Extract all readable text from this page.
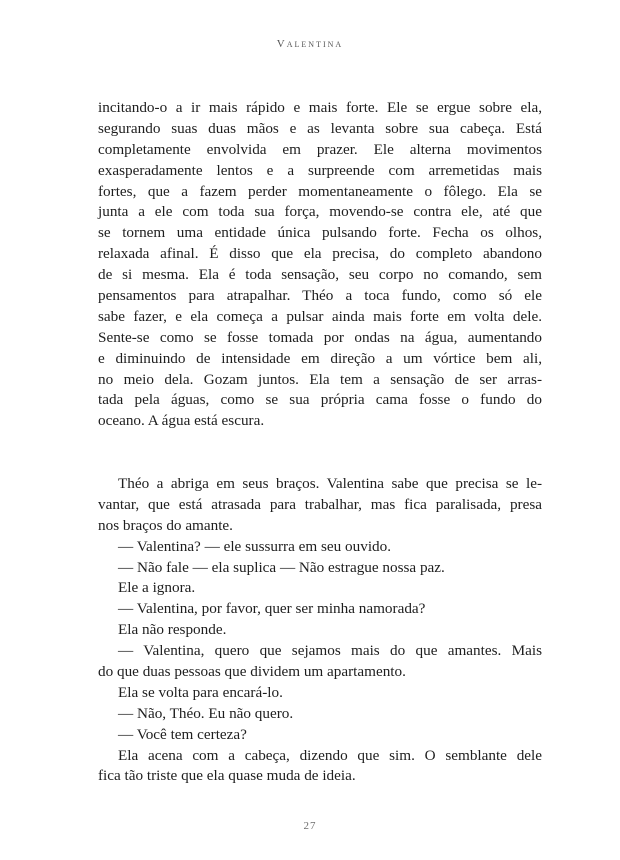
Valentina
incitando-o a ir mais rápido e mais forte. Ele se ergue sobre ela,
segurando suas duas mãos e as levanta sobre sua cabeça. Está
completamente envolvida em prazer. Ele alterna movimentos
exasperadamente lentos e a surpreende com arremetidas mais
fortes, que a fazem perder momentaneamente o fôlego. Ela se
junta a ele com toda sua força, movendo-se contra ele, até que
se tornem uma entidade única pulsando forte. Fecha os olhos,
relaxada afinal. É disso que ela precisa, do completo abandono
de si mesma. Ela é toda sensação, seu corpo no comando, sem
pensamentos para atrapalhar. Théo a toca fundo, como só ele
sabe fazer, e ela começa a pulsar ainda mais forte em volta dele.
Sente-se como se fosse tomada por ondas na água, aumentando
e diminuindo de intensidade em direção a um vórtice bem ali,
no meio dela. Gozam juntos. Ela tem a sensação de ser arras-
tada pela águas, como se sua própria cama fosse o fundo do
oceano. A água está escura.
Théo a abriga em seus braços. Valentina sabe que precisa se le-
vantar, que está atrasada para trabalhar, mas fica paralisada, presa
nos braços do amante.
— Valentina? — ele sussurra em seu ouvido.
— Não fale — ela suplica — Não estrague nossa paz.
Ele a ignora.
— Valentina, por favor, quer ser minha namorada?
Ela não responde.
— Valentina, quero que sejamos mais do que amantes. Mais
do que duas pessoas que dividem um apartamento.
Ela se volta para encará-lo.
— Não, Théo. Eu não quero.
— Você tem certeza?
Ela acena com a cabeça, dizendo que sim. O semblante dele
fica tão triste que ela quase muda de ideia.
27
